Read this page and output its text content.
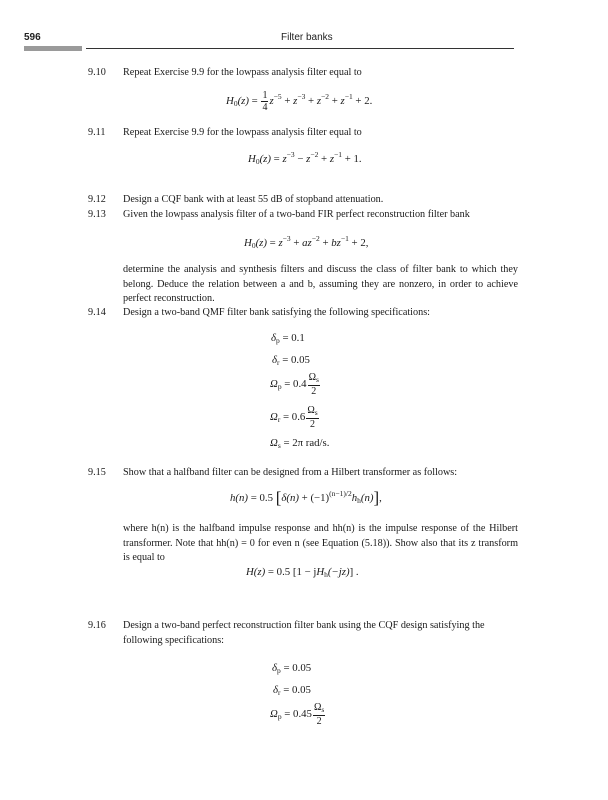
596	Filter banks
9.10 Repeat Exercise 9.9 for the lowpass analysis filter equal to
$H_0(z) = \frac{1}{4} z^{-5} + z^{-3} + z^{-2} + z^{-1} + 2$.
9.11 Repeat Exercise 9.9 for the lowpass analysis filter equal to
$H_0(z) = z^{-3} - z^{-2} + z^{-1} + 1$.
9.12 Design a CQF bank with at least 55 dB of stopband attenuation.
9.13 Given the lowpass analysis filter of a two-band FIR perfect reconstruction filter bank
$H_0(z) = z^{-3} + az^{-2} + bz^{-1} + 2$,
determine the analysis and synthesis filters and discuss the class of filter bank to which they belong. Deduce the relation between a and b, assuming they are nonzero, in order to achieve perfect reconstruction.
9.14 Design a two-band QMF filter bank satisfying the following specifications:
$\delta_p = 0.1$
$\delta_r = 0.05$
$\Omega_p = 0.4 \frac{\Omega_s}{2}$
$\Omega_r = 0.6 \frac{\Omega_s}{2}$
$\Omega_s = 2\pi$ rad/s.
9.15 Show that a halfband filter can be designed from a Hilbert transformer as follows:
h(n) = 0.5 $[\delta(n) + (-1)^{(n-1)/2}h_h(n)]$,
where h(n) is the halfband impulse response and hh(n) is the impulse response of the Hilbert transformer. Note that hh(n) = 0 for even n (see Equation (5.18)). Show also that its z transform is equal to
H(z) = 0.5 $[1 - jH_h(-jz)]$ .
9.16 Design a two-band perfect reconstruction filter bank using the CQF design satisfying the following specifications:
$\delta_p = 0.05$
$\delta_r = 0.05$
$\Omega_p = 0.45 \frac{\Omega_s}{2}$
